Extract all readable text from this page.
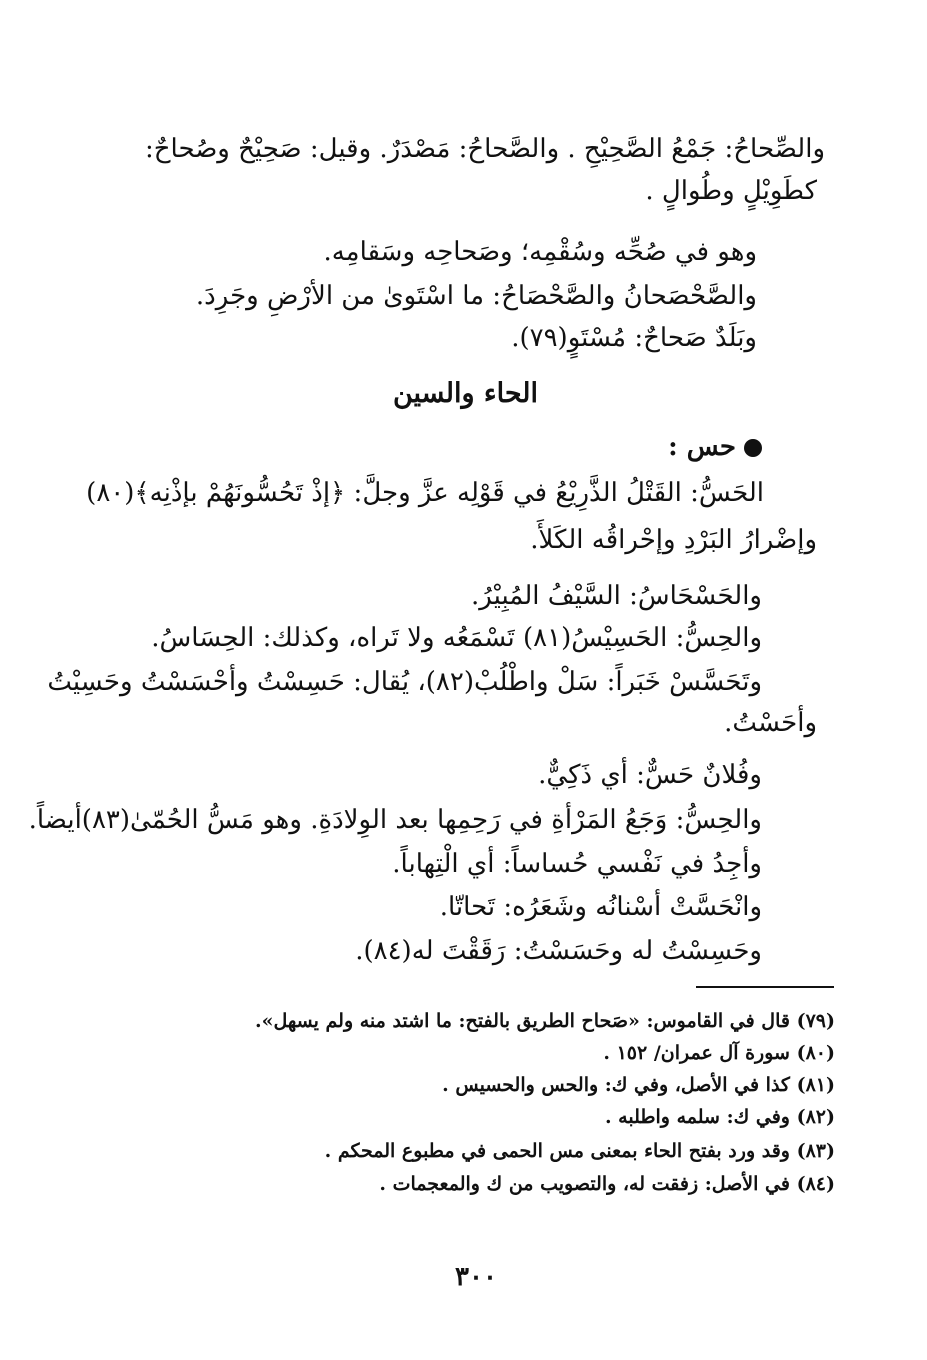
والصِّحاحُ: جَمْعُ الصَّحِيْحِ . والصَّحاحُ: مَصْدَرٌ. وقيل: صَحِيْحٌ وصُحاحٌ:
كطَوِيْلٍ وطُوالٍ .
وهو في صُحِّه وسُقْمِه؛ وصَحاحِه وسَقامِه.
والصَّحْصَحانُ والصَّحْصَاحُ: ما اسْتَوىٰ من الأرْضِ وجَرِدَ.
وبَلَدٌ صَحاحٌ: مُسْتَوٍ(٧٩).
الحاء والسين
حس :
الحَسُّ: القَتْلُ الذَّرِيْعُ في قَوْلِه عزَّ وجلَّ: ﴿إذْ تَحُسُّونَهُمْ بإذْنِه﴾(٨٠)
وإضْرارُ البَرْدِ وإحْراقُه الكَلأَ.
والحَسْحَاسُ: السَّيْفُ المُبِيْرُ.
والحِسُّ: الحَسِيْسُ(٨١) تَسْمَعُه ولا تَراه، وكذلك: الحِسَاسُ.
وتَحَسَّسْ خَبَراً: سَلْ واطْلُبْ(٨٢)، يُقال: حَسِسْتُ وأحْسَسْتُ وحَسِيْتُ
وأحَسْتُ.
وفُلانٌ حَسٌّ: أي ذَكِيٌّ.
والحِسُّ: وَجَعُ المَرْأةِ في رَحِمِها بعد الوِلادَةِ. وهو مَسُّ الحُمّىٰ(٨٣)أيضاً.
وأجِدُ في نَفْسي حُساساً: أي الْتِهاباً.
وانْحَسَّتْ أسْنانُه وشَعَرُه: تَحاتّا.
وحَسِسْتُ له وحَسَسْتُ: رَقَقْتَ له(٨٤).
(٧٩) قال في القاموس: «صَحاح الطريق بالفتح: ما اشتد منه ولم يسهل».
(٨٠) سورة آل عمران/ ١٥٢ .
(٨١) كذا في الأصل، وفي ك: والحس والحسيس .
(٨٢) وفي ك: سلمه واطلبه .
(٨٣) وقد ورد بفتح الحاء بمعنى مس الحمى في مطبوع المحكم .
(٨٤) في الأصل: زفقت له، والتصويب من ك والمعجمات .
٣٠٠
